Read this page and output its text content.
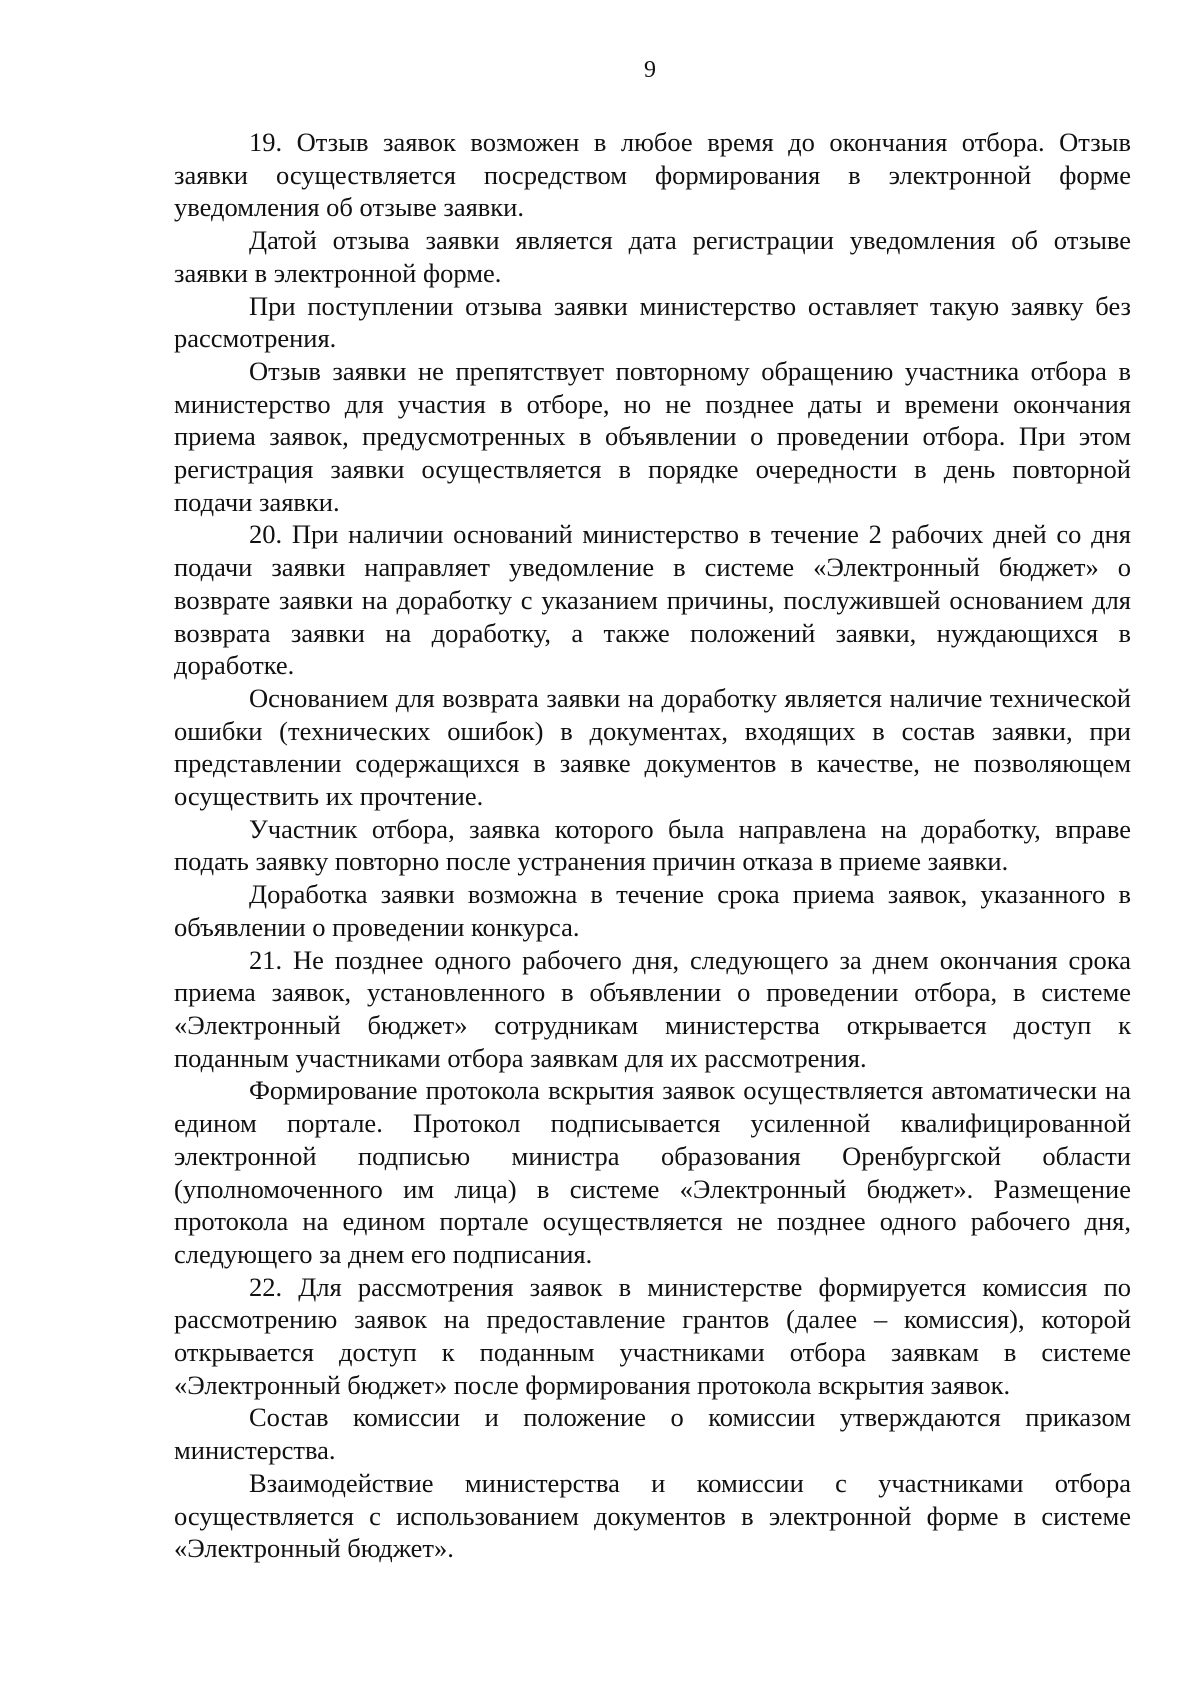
9

19. Отзыв заявок возможен в любое время до окончания отбора. Отзыв заявки осуществляется посредством формирования в электронной форме уведомления об отзыве заявки.

Датой отзыва заявки является дата регистрации уведомления об отзыве заявки в электронной форме.

При поступлении отзыва заявки министерство оставляет такую заявку без рассмотрения.

Отзыв заявки не препятствует повторному обращению участника отбора в министерство для участия в отборе, но не позднее даты и времени окончания приема заявок, предусмотренных в объявлении о проведении отбора. При этом регистрация заявки осуществляется в порядке очередности в день повторной подачи заявки.

20. При наличии оснований министерство в течение 2 рабочих дней со дня подачи заявки направляет уведомление в системе «Электронный бюджет» о возврате заявки на доработку с указанием причины, послужившей основанием для возврата заявки на доработку, а также положений заявки, нуждающихся в доработке.

Основанием для возврата заявки на доработку является наличие технической ошибки (технических ошибок) в документах, входящих в состав заявки, при представлении содержащихся в заявке документов в качестве, не позволяющем осуществить их прочтение.

Участник отбора, заявка которого была направлена на доработку, вправе подать заявку повторно после устранения причин отказа в приеме заявки.

Доработка заявки возможна в течение срока приема заявок, указанного в объявлении о проведении конкурса.

21. Не позднее одного рабочего дня, следующего за днем окончания срока приема заявок, установленного в объявлении о проведении отбора, в системе «Электронный бюджет» сотрудникам министерства открывается доступ к поданным участниками отбора заявкам для их рассмотрения.

Формирование протокола вскрытия заявок осуществляется автоматически на едином портале. Протокол подписывается усиленной квалифицированной электронной подписью министра образования Оренбургской области (уполномоченного им лица) в системе «Электронный бюджет». Размещение протокола на едином портале осуществляется не позднее одного рабочего дня, следующего за днем его подписания.

22. Для рассмотрения заявок в министерстве формируется комиссия по рассмотрению заявок на предоставление грантов (далее – комиссия), которой открывается доступ к поданным участниками отбора заявкам в системе «Электронный бюджет» после формирования протокола вскрытия заявок.

Состав комиссии и положение о комиссии утверждаются приказом министерства.

Взаимодействие министерства и комиссии с участниками отбора осуществляется с использованием документов в электронной форме в системе «Электронный бюджет».
